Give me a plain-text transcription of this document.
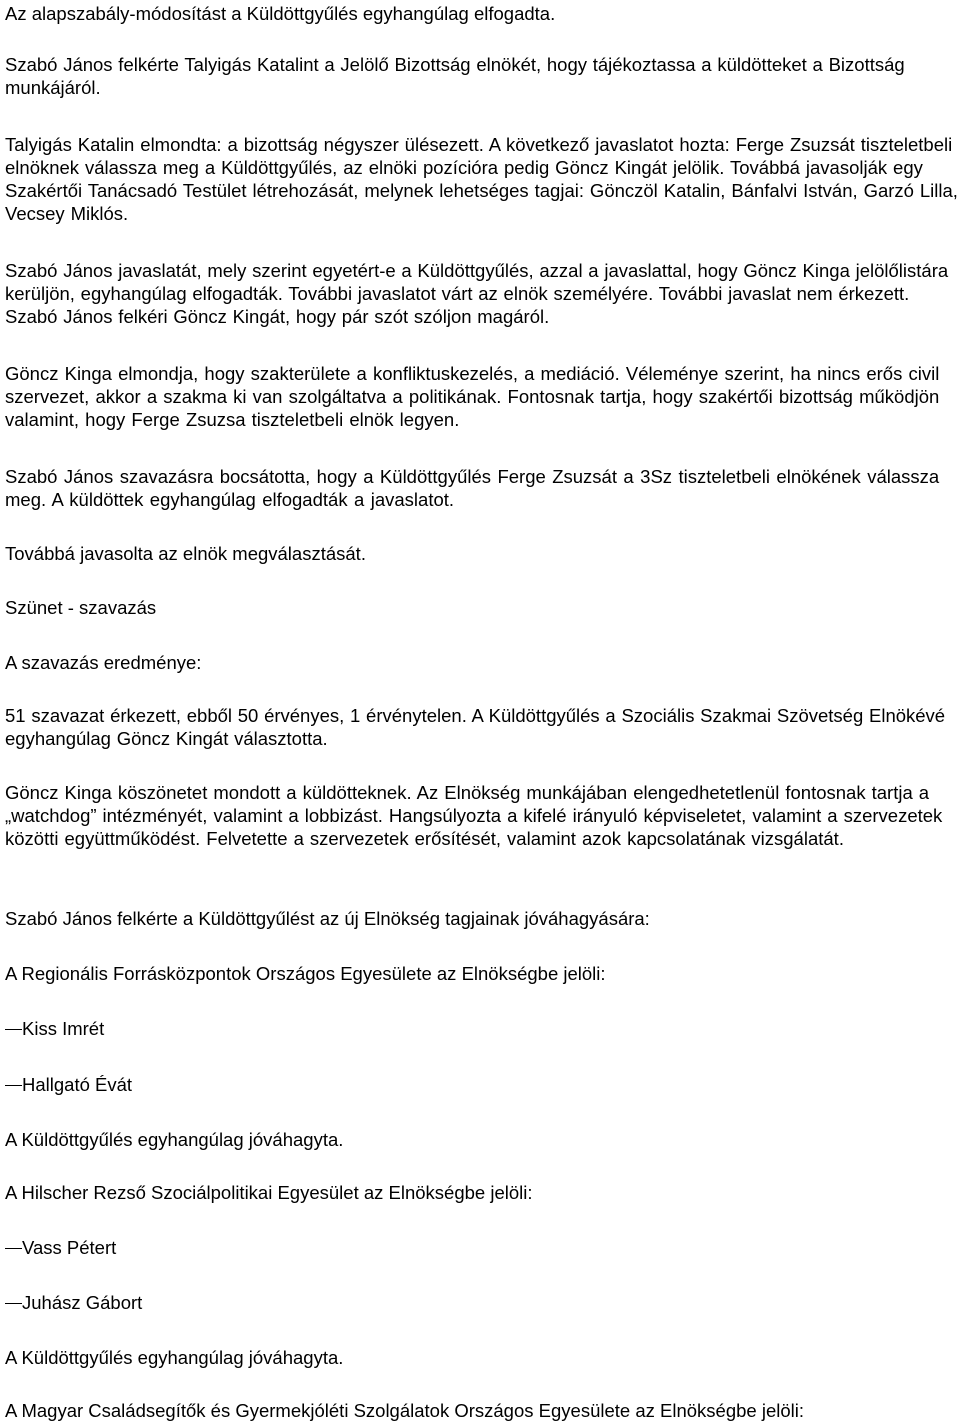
Az alapszabály-módosítást a Küldöttgyűlés egyhangúlag elfogadta.

Szabó János felkérte Talyigás Katalint a Jelölő Bizottság elnökét, hogy tájékoztassa a küldötteket a Bizottság munkájáról.

Talyigás Katalin elmondta: a bizottság négyszer ülésezett. A következő javaslatot hozta: Ferge Zsuzsát tiszteletbeli elnöknek válassza meg a Küldöttgyűlés, az elnöki pozícióra pedig Göncz Kingát jelölik. Továbbá javasolják egy Szakértői Tanácsadó Testület létrehozását, melynek lehetséges tagjai: Gönczöl Katalin, Bánfalvi István, Garzó Lilla, Vecsey Miklós.

Szabó János javaslatát, mely szerint egyetért-e a Küldöttgyűlés, azzal a javaslattal, hogy Göncz Kinga jelölőlistára kerüljön, egyhangúlag elfogadták. További javaslatot várt az elnök személyére. További javaslat nem érkezett. Szabó János felkéri Göncz Kingát, hogy pár szót szóljon magáról.

Göncz Kinga elmondja, hogy szakterülete a konfliktuskezelés, a mediáció. Véleménye szerint, ha nincs erős civil szervezet, akkor a szakma ki van szolgáltatva a politikának. Fontosnak tartja, hogy szakértői bizottság működjön valamint, hogy Ferge Zsuzsa tiszteletbeli elnök legyen.

Szabó János szavazásra bocsátotta, hogy a Küldöttgyűlés Ferge Zsuzsát a 3Sz tiszteletbeli elnökének válassza meg. A küldöttek egyhangúlag elfogadták a javaslatot.

Továbbá javasolta az elnök megválasztását.

Szünet - szavazás

A szavazás eredménye:

51 szavazat érkezett, ebből 50 érvényes, 1 érvénytelen. A Küldöttgyűlés a Szociális Szakmai Szövetség Elnökévé egyhangúlag Göncz Kingát választotta.

Göncz Kinga köszönetet mondott a küldötteknek. Az Elnökség munkájában elengedhetetlenül fontosnak tartja a „watchdog” intézményét, valamint a lobbizást. Hangsúlyozta a kifelé irányuló képviseletet, valamint a szervezetek közötti együttműködést. Felvetette a szervezetek erősítését, valamint azok kapcsolatának vizsgálatát.

Szabó János felkérte a Küldöttgyűlést az új Elnökség tagjainak jóváhagyására:

A Regionális Forrásközpontok Országos Egyesülete az Elnökségbe jelöli:

Kiss Imrét
Hallgató Évát

A Küldöttgyűlés egyhangúlag jóváhagyta.

A Hilscher Rezső Szociálpolitikai Egyesület az Elnökségbe jelöli:

Vass Pétert
Juhász Gábort

A Küldöttgyűlés egyhangúlag jóváhagyta.

A Magyar Családsegítők és Gyermekjóléti Szolgálatok Országos Egyesülete az Elnökségbe jelöli:
